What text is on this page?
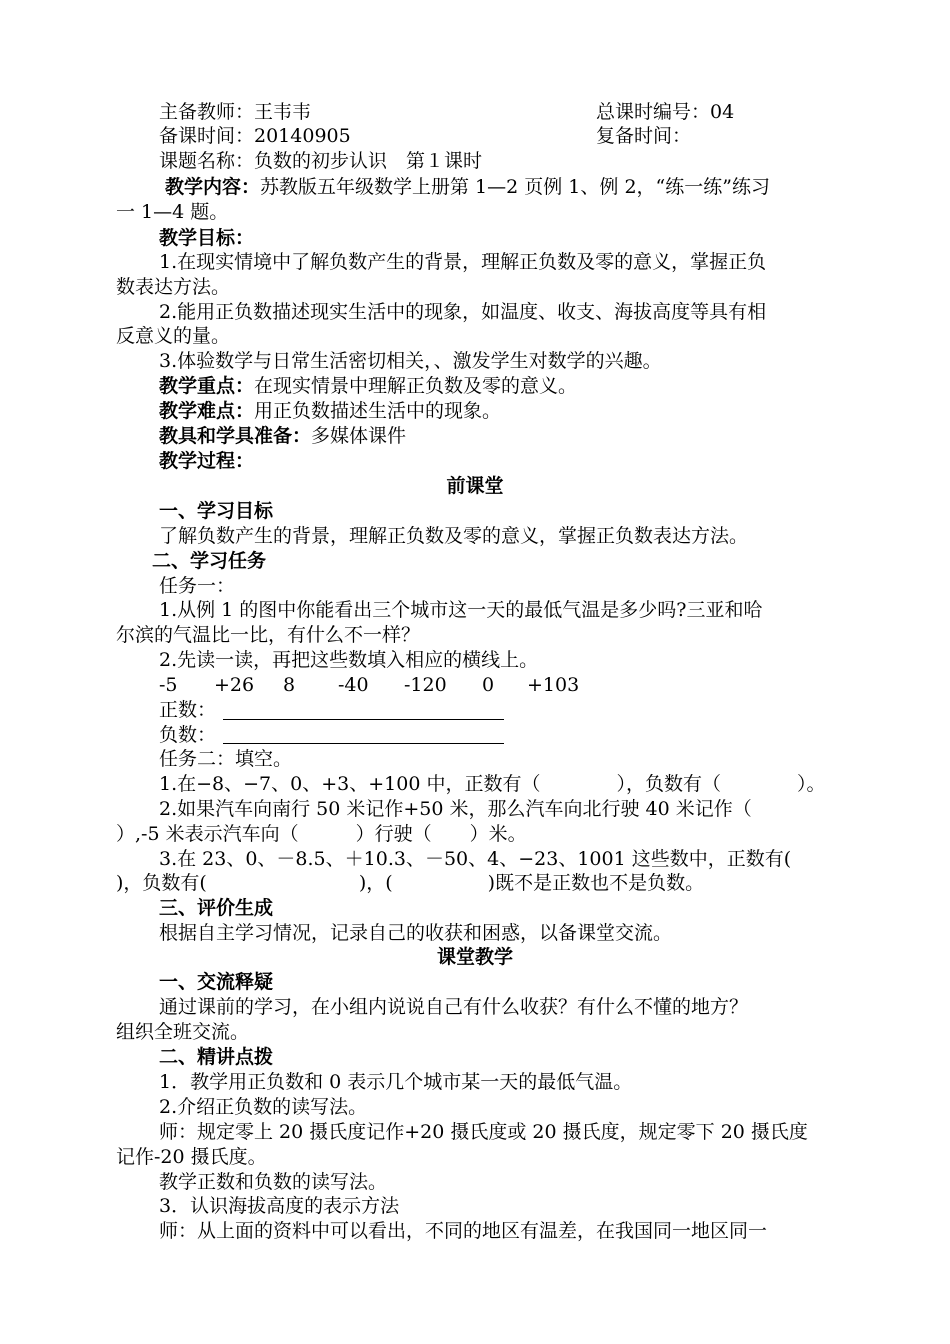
主备教师：王韦韦	总课时编号：04
备课时间：20140905	复备时间：
课题名称：负数的初步认识　第１课时
教学内容：苏教版五年级数学上册第 1—2 页例 1、例 2，“练一练”练习
一 1—4 题。
教学目标：
1.在现实情境中了解负数产生的背景，理解正负数及零的意义，掌握正负
数表达方法。
2.能用正负数描述现实生活中的现象，如温度、收支、海拔高度等具有相
反意义的量。
3.体验数学与日常生活密切相关，、激发学生对数学的兴趣。
教学重点：在现实情景中理解正负数及零的意义。
教学难点：用正负数描述生活中的现象。
教具和学具准备：多媒体课件
教学过程：
前课堂
一、学习目标
了解负数产生的背景，理解正负数及零的意义，掌握正负数表达方法。
二、学习任务
任务一：
1.从例 1 的图中你能看出三个城市这一天的最低气温是多少吗?三亚和哈
尔滨的气温比一比，有什么不一样？
2.先读一读，再把这些数填入相应的横线上。
-5 +26 8 -40 -120 0 +103
正数：
负数：
任务二：填空。
1.在−8、−7、0、+3、+100 中，正数有（　　　　），负数有（　　　　）。
2.如果汽车向南行 50 米记作+50 米，那么汽车向北行驶 40 米记作（
）,-5 米表示汽车向（　　　）行驶（　　）米。
3.在 23、0、－8.5、＋10.3、－50、4、−23、1001 这些数中，正数有(
)，负数有(　　　　　　　　)，(　　　　　)既不是正数也不是负数。
三、评价生成
根据自主学习情况，记录自己的收获和困惑，以备课堂交流。
课堂教学
一、交流释疑
通过课前的学习，在小组内说说自己有什么收获？有什么不懂的地方？
组织全班交流。
二、精讲点拨
1．教学用正负数和 0 表示几个城市某一天的最低气温。
2.介绍正负数的读写法。
师：规定零上 20 摄氏度记作+20 摄氏度或 20 摄氏度，规定零下 20 摄氏度
记作-20 摄氏度。
教学正数和负数的读写法。
3．认识海拔高度的表示方法
师：从上面的资料中可以看出，不同的地区有温差，在我国同一地区同一
